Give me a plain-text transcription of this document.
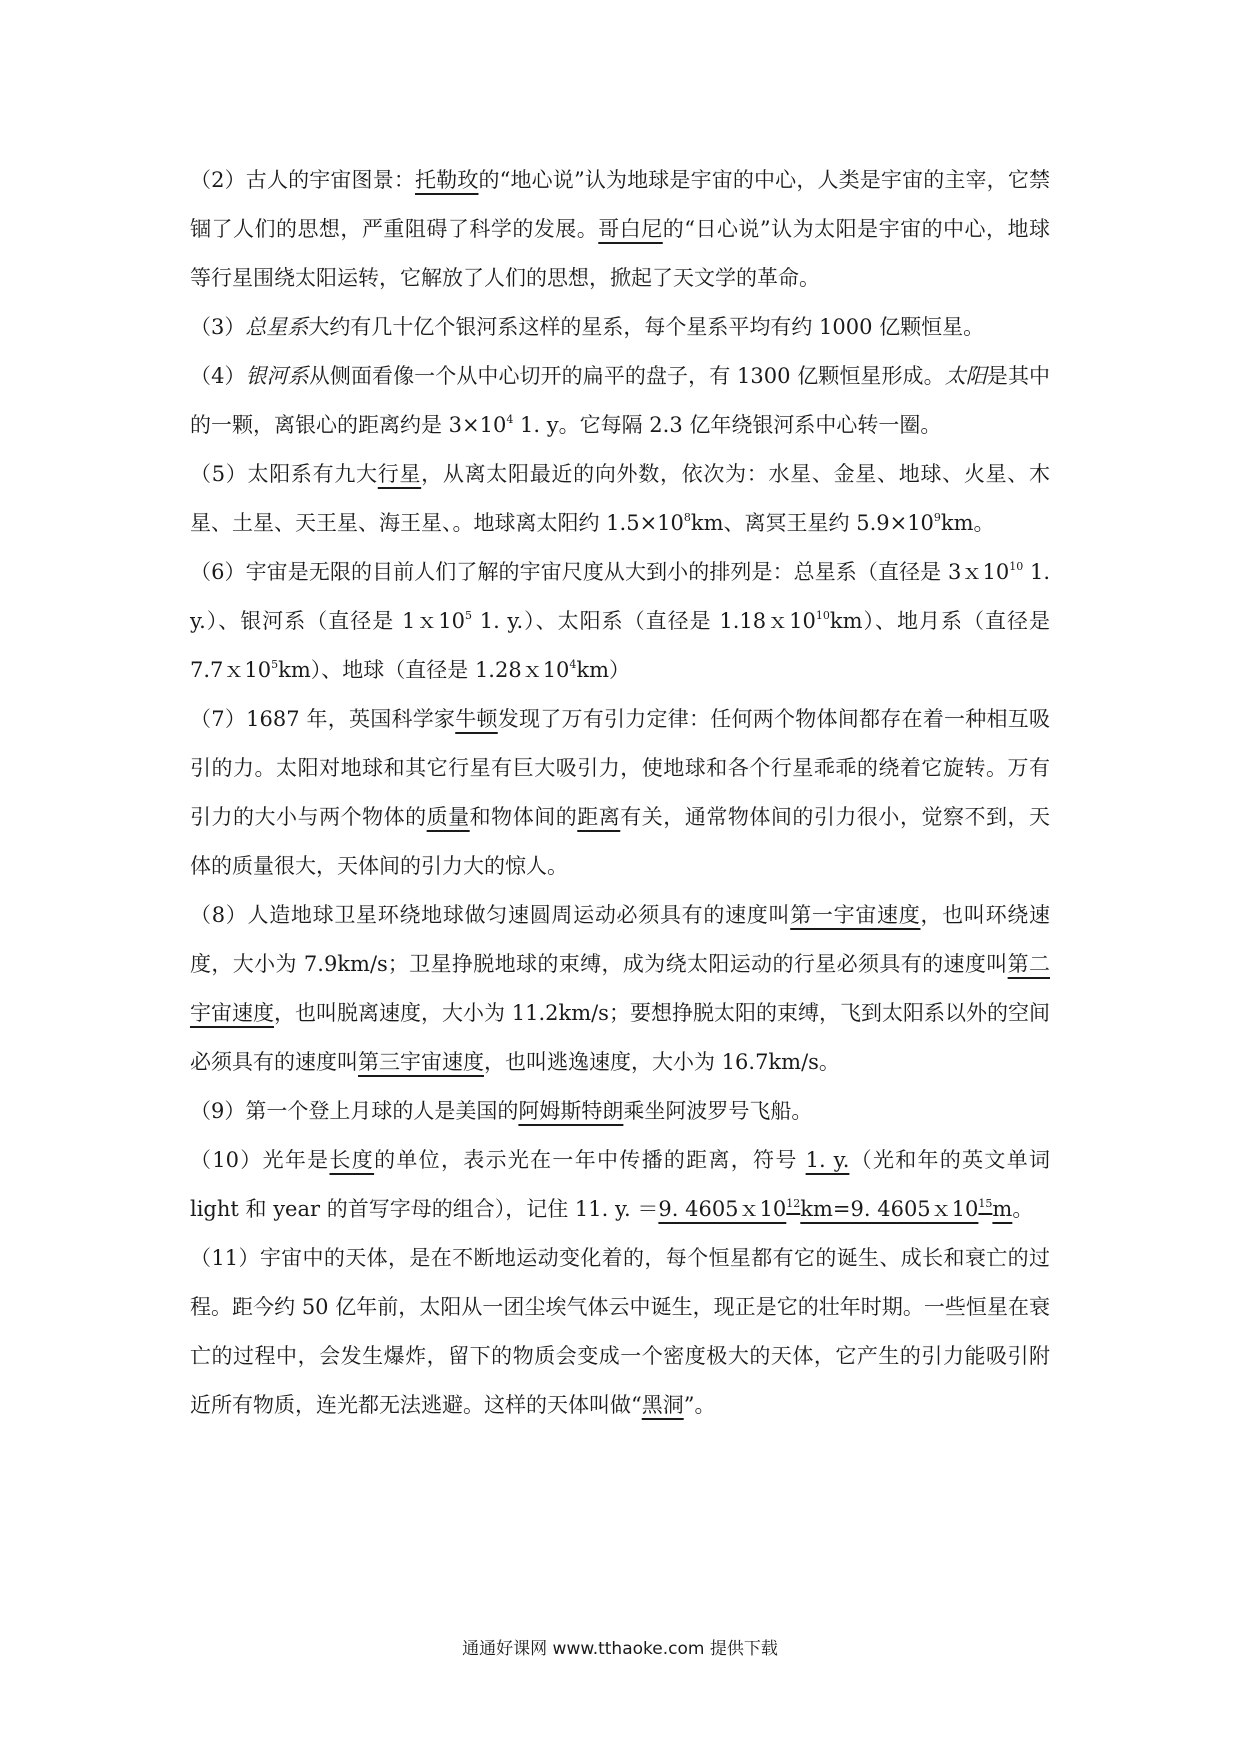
（2）古人的宇宙图景：托勒玫的“地心说”认为地球是宇宙的中心，人类是宇宙的主宰，它禁锢了人们的思想，严重阻碍了科学的发展。哥白尼的“日心说”认为太阳是宇宙的中心，地球等行星围绕太阳运转，它解放了人们的思想，掀起了天文学的革命。

（3）总星系大约有几十亿个银河系这样的星系，每个星系平均有约 1000 亿颗恒星。

（4）银河系从侧面看像一个从中心切开的扁平的盘子，有 1300 亿颗恒星形成。太阳是其中的一颗，离银心的距离约是 $3\times 10^4$ 1. y。它每隔 2.3 亿年绕银河系中心转一圈。

（5）太阳系有九大行星，从离太阳最近的向外数，依次为：水星、金星、地球、火星、木星、土星、天王星、海王星、。地球离太阳约 $1.5\times 10^8km$、离冥王星约 $5.9\times 10^9km$。

（6）宇宙是无限的目前人们了解的宇宙尺度从大到小的排列是：总星系（直径是 $3x10^{10}$ 1. y.）、银河系（直径是 $1x10^5$ 1. y.）、太阳系（直径是 $1.18x10^{10}km$）、地月系（直径是 $7.7x10^5km$）、地球（直径是 $1.28x10^4km$）

（7）1687 年，英国科学家牛顿发现了万有引力定律：任何两个物体间都存在着一种相互吸引的力。太阳对地球和其它行星有巨大吸引力，使地球和各个行星乖乖的绕着它旋转。万有引力的大小与两个物体的质量和物体间的距离有关，通常物体间的引力很小，觉察不到，天体的质量很大，天体间的引力大的惊人。

（8）人造地球卫星环绕地球做匀速圆周运动必须具有的速度叫第一宇宙速度，也叫环绕速度，大小为 7.9km/s；卫星挣脱地球的束缚，成为绕太阳运动的行星必须具有的速度叫第二宇宙速度，也叫脱离速度，大小为 11.2km/s；要想挣脱太阳的束缚，飞到太阳系以外的空间必须具有的速度叫第三宇宙速度，也叫逃逸速度，大小为 16.7km/s。

（9）第一个登上月球的人是美国的阿姆斯特朗乘坐阿波罗号飞船。

（10）光年是长度的单位，表示光在一年中传播的距离，符号 1. y.（光和年的英文单词 light 和 year 的首写字母的组合），记住 11. y. ＝9. $4605x10^{12}km=9$. $4605x10^{15}m$。

（11）宇宙中的天体，是在不断地运动变化着的，每个恒星都有它的诞生、成长和衰亡的过程。距今约 50 亿年前，太阳从一团尘埃气体云中诞生，现正是它的壮年时期。一些恒星在衰亡的过程中，会发生爆炸，留下的物质会变成一个密度极大的天体，它产生的引力能吸引附近所有物质，连光都无法逃避。这样的天体叫做“黑洞”。

通通好课网 www.tthaoke.com 提供下载
